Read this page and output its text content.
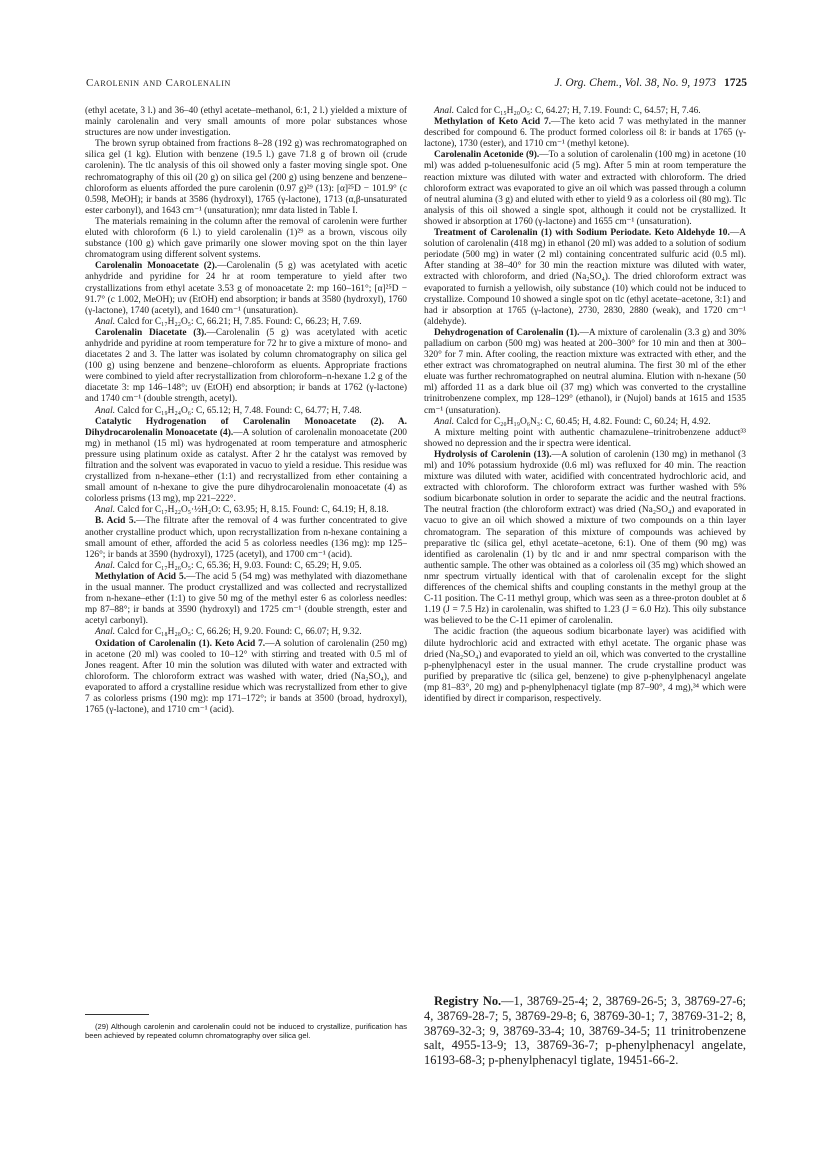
Carolenin and Carolenalin	J. Org. Chem., Vol. 38, No. 9, 1973 1725

(ethyl acetate, 3 l.) and 36–40 (ethyl acetate–methanol, 6:1, 2 l.) yielded a mixture of mainly carolenalin and very small amounts of more polar substances whose structures are now under investigation.

The brown syrup obtained from fractions 8–28 (192 g) was rechromatographed on silica gel (1 kg). Elution with benzene (19.5 l.) gave 71.8 g of brown oil (crude carolenin). The tlc analysis of this oil showed only a faster moving single spot. One rechromatography of this oil (20 g) on silica gel (200 g) using benzene and benzene–chloroform as eluents afforded the pure carolenin (0.97 g)²⁹ (13): [α]²⁵D − 101.9° (c 0.598, MeOH); ir bands at 3586 (hydroxyl), 1765 (γ-lactone), 1713 (α,β-unsaturated ester carbonyl), and 1643 cm⁻¹ (unsaturation); nmr data listed in Table I.

The materials remaining in the column after the removal of carolenin were further eluted with chloroform (6 l.) to yield carolenalin (1)²⁹ as a brown, viscous oily substance (100 g) which gave primarily one slower moving spot on the thin layer chromatogram using different solvent systems.

Carolenalin Monoacetate (2).—Carolenalin (5 g) was acetylated with acetic anhydride and pyridine for 24 hr at room temperature to yield after two crystallizations from ethyl acetate 3.53 g of monoacetate 2: mp 160–161°; [α]²⁵D − 91.7° (c 1.002, MeOH); uv (EtOH) end absorption; ir bands at 3580 (hydroxyl), 1760 (γ-lactone), 1740 (acetyl), and 1640 cm⁻¹ (unsaturation).

Anal. Calcd for C₁₇H₂₂O₅: C, 66.21; H, 7.85. Found: C, 66.23; H, 7.69.

Carolenalin Diacetate (3).—Carolenalin (5 g) was acetylated with acetic anhydride and pyridine at room temperature for 72 hr to give a mixture of mono- and diacetates 2 and 3. The latter was isolated by column chromatography on silica gel (100 g) using benzene and benzene–chloroform as eluents. Appropriate fractions were combined to yield after recrystallization from chloroform–n-hexane 1.2 g of the diacetate 3: mp 146–148°; uv (EtOH) end absorption; ir bands at 1762 (γ-lactone) and 1740 cm⁻¹ (double strength, acetyl).

Anal. Calcd for C₁₉H₂₄O₆: C, 65.12; H, 7.48. Found: C, 64.77; H, 7.48.

Catalytic Hydrogenation of Carolenalin Monoacetate (2). A. Dihydrocarolenalin Monoacetate (4).—A solution of carolenalin monoacetate (200 mg) in methanol (15 ml) was hydrogenated at room temperature and atmospheric pressure using platinum oxide as catalyst. After 2 hr the catalyst was removed by filtration and the solvent was evaporated in vacuo to yield a residue. This residue was crystallized from n-hexane–ether (1:1) and recrystallized from ether containing a small amount of n-hexane to give the pure dihydrocarolenalin monoacetate (4) as colorless prisms (13 mg), mp 221–222°.

Anal. Calcd for C₁₇H₂₂O₅·½H₂O: C, 63.95; H, 8.15. Found: C, 64.19; H, 8.18.

B. Acid 5.—The filtrate after the removal of 4 was further concentrated to give another crystalline product which, upon recrystallization from n-hexane containing a small amount of ether, afforded the acid 5 as colorless needles (136 mg): mp 125–126°; ir bands at 3590 (hydroxyl), 1725 (acetyl), and 1700 cm⁻¹ (acid).

Anal. Calcd for C₁₇H₂₆O₅: C, 65.36; H, 9.03. Found: C, 65.29; H, 9.05.

Methylation of Acid 5.—The acid 5 (54 mg) was methylated with diazomethane in the usual manner. The product crystallized and was collected and recrystallized from n-hexane–ether (1:1) to give 50 mg of the methyl ester 6 as colorless needles: mp 87–88°; ir bands at 3590 (hydroxyl) and 1725 cm⁻¹ (double strength, ester and acetyl carbonyl).

Anal. Calcd for C₁₈H₂₈O₅: C, 66.26; H, 9.20. Found: C, 66.07; H, 9.32.

Oxidation of Carolenalin (1). Keto Acid 7.—A solution of carolenalin (250 mg) in acetone (20 ml) was cooled to 10–12° with stirring and treated with 0.5 ml of Jones reagent. After 10 min the solution was diluted with water and extracted with chloroform. The chloroform extract was washed with water, dried (Na₂SO₄), and evaporated to afford a crystalline residue which was recrystallized from ether to give 7 as colorless prisms (190 mg): mp 171–172°; ir bands at 3500 (broad, hydroxyl), 1765 (γ-lactone), and 1710 cm⁻¹ (acid).

(29) Although carolenin and carolenalin could not be induced to crystallize, purification has been achieved by repeated column chromatography over silica gel.

Anal. Calcd for C₁₅H₂₀O₅: C, 64.27; H, 7.19. Found: C, 64.57; H, 7.46.

Methylation of Keto Acid 7.—The keto acid 7 was methylated in the manner described for compound 6. The product formed colorless oil 8: ir bands at 1765 (γ-lactone), 1730 (ester), and 1710 cm⁻¹ (methyl ketone).

Carolenalin Acetonide (9).—To a solution of carolenalin (100 mg) in acetone (10 ml) was added p-toluenesulfonic acid (5 mg). After 5 min at room temperature the reaction mixture was diluted with water and extracted with chloroform. The dried chloroform extract was evaporated to give an oil which was passed through a column of neutral alumina (3 g) and eluted with ether to yield 9 as a colorless oil (80 mg). Tlc analysis of this oil showed a single spot, although it could not be crystallized. It showed ir absorption at 1760 (γ-lactone) and 1655 cm⁻¹ (unsaturation).

Treatment of Carolenalin (1) with Sodium Periodate. Keto Aldehyde 10.—A solution of carolenalin (418 mg) in ethanol (20 ml) was added to a solution of sodium periodate (500 mg) in water (2 ml) containing concentrated sulfuric acid (0.5 ml). After standing at 38–40° for 30 min the reaction mixture was diluted with water, extracted with chloroform, and dried (Na₂SO₄). The dried chloroform extract was evaporated to furnish a yellowish, oily substance (10) which could not be induced to crystallize. Compound 10 showed a single spot on tlc (ethyl acetate–acetone, 3:1) and had ir absorption at 1765 (γ-lactone), 2730, 2830, 2880 (weak), and 1720 cm⁻¹ (aldehyde).

Dehydrogenation of Carolenalin (1).—A mixture of carolenalin (3.3 g) and 30% palladium on carbon (500 mg) was heated at 200–300° for 10 min and then at 300–320° for 7 min. After cooling, the reaction mixture was extracted with ether, and the ether extract was chromatographed on neutral alumina. The first 30 ml of the ether eluate was further rechromatographed on neutral alumina. Elution with n-hexane (50 ml) afforded 11 as a dark blue oil (37 mg) which was converted to the crystalline trinitrobenzene complex, mp 128–129° (ethanol), ir (Nujol) bands at 1615 and 1535 cm⁻¹ (unsaturation).

Anal. Calcd for C₂₀H₁₉O₆N₃: C, 60.45; H, 4.82. Found: C, 60.24; H, 4.92.

A mixture melting point with authentic chamazulene–trinitrobenzene adduct³³ showed no depression and the ir spectra were identical.

Hydrolysis of Carolenin (13).—A solution of carolenin (130 mg) in methanol (3 ml) and 10% potassium hydroxide (0.6 ml) was refluxed for 40 min. The reaction mixture was diluted with water, acidified with concentrated hydrochloric acid, and extracted with chloroform. The chloroform extract was further washed with 5% sodium bicarbonate solution in order to separate the acidic and the neutral fractions. The neutral fraction (the chloroform extract) was dried (Na₂SO₄) and evaporated in vacuo to give an oil which showed a mixture of two compounds on a thin layer chromatogram. The separation of this mixture of compounds was achieved by preparative tlc (silica gel, ethyl acetate–acetone, 6:1). One of them (90 mg) was identified as carolenalin (1) by tlc and ir and nmr spectral comparison with the authentic sample. The other was obtained as a colorless oil (35 mg) which showed an nmr spectrum virtually identical with that of carolenalin except for the slight differences of the chemical shifts and coupling constants in the methyl group at the C-11 position. The C-11 methyl group, which was seen as a three-proton doublet at δ 1.19 (J = 7.5 Hz) in carolenalin, was shifted to 1.23 (J = 6.0 Hz). This oily substance was believed to be the C-11 epimer of carolenalin.

The acidic fraction (the aqueous sodium bicarbonate layer) was acidified with dilute hydrochloric acid and extracted with ethyl acetate. The organic phase was dried (Na₂SO₄) and evaporated to yield an oil, which was converted to the crystalline p-phenylphenacyl ester in the usual manner. The crude crystalline product was purified by preparative tlc (silica gel, benzene) to give p-phenylphenacyl angelate (mp 81–83°, 20 mg) and p-phenylphenacyl tiglate (mp 87–90°, 4 mg),³⁴ which were identified by direct ir comparison, respectively.

Registry No.—1, 38769-25-4; 2, 38769-26-5; 3, 38769-27-6; 4, 38769-28-7; 5, 38769-29-8; 6, 38769-30-1; 7, 38769-31-2; 8, 38769-32-3; 9, 38769-33-4; 10, 38769-34-5; 11 trinitrobenzene salt, 4955-13-9; 13, 38769-36-7; p-phenylphenacyl angelate, 16193-68-3; p-phenylphenacyl tiglate, 19451-66-2.
